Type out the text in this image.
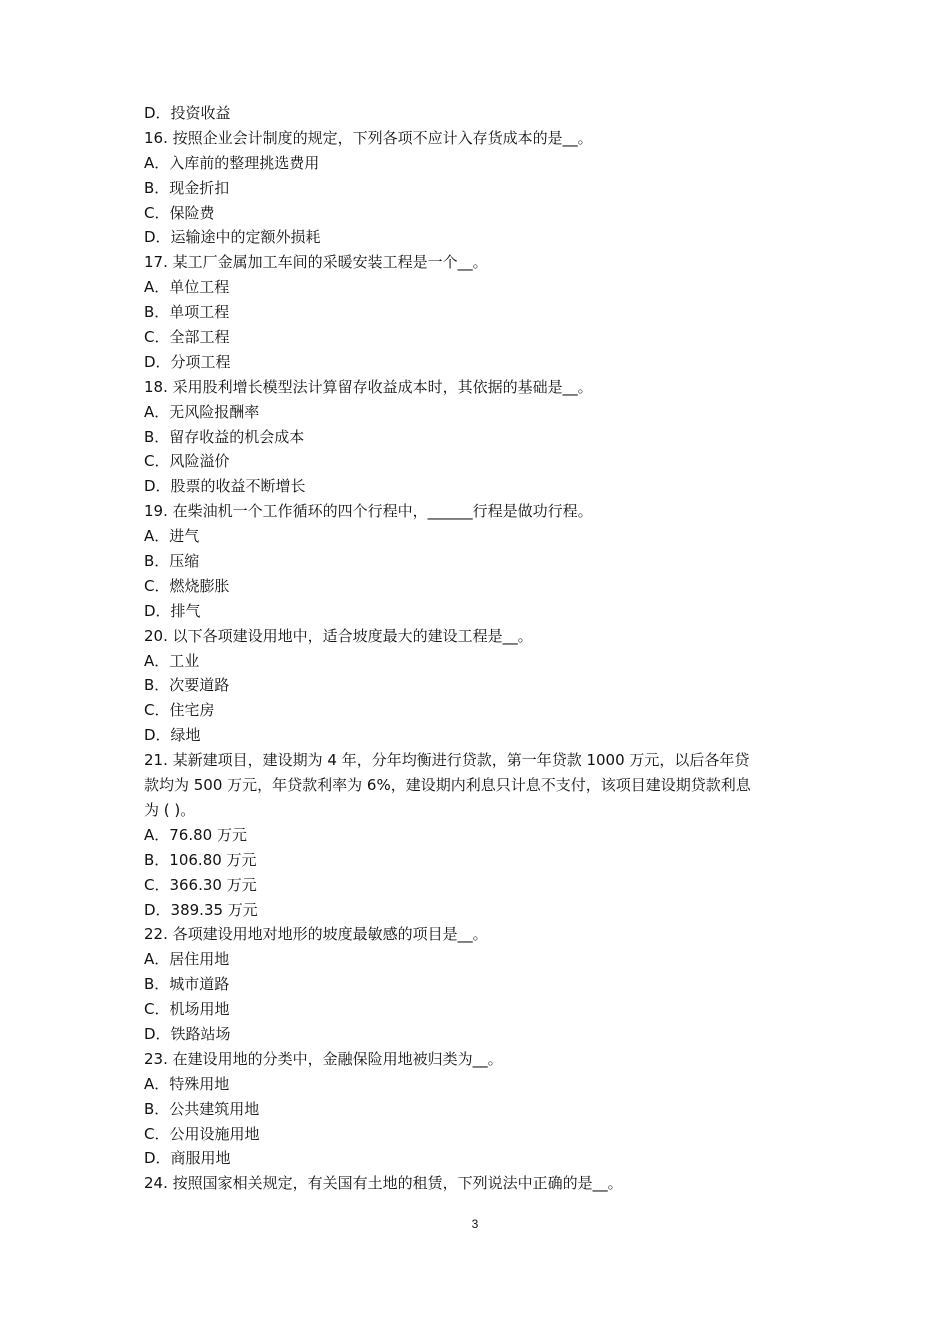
D．投资收益
16. 按照企业会计制度的规定，下列各项不应计入存货成本的是__。
A．入库前的整理挑选费用
B．现金折扣
C．保险费
D．运输途中的定额外损耗
17. 某工厂金属加工车间的采暖安装工程是一个__。
A．单位工程
B．单项工程
C．全部工程
D．分项工程
18. 采用股利增长模型法计算留存收益成本时，其依据的基础是__。
A．无风险报酬率
B．留存收益的机会成本
C．风险溢价
D．股票的收益不断增长
19. 在柴油机一个工作循环的四个行程中，______行程是做功行程。
A．进气
B．压缩
C．燃烧膨胀
D．排气
20. 以下各项建设用地中，适合坡度最大的建设工程是__。
A．工业
B．次要道路
C．住宅房
D．绿地
21. 某新建项目，建设期为 4 年，分年均衡进行贷款，第一年贷款 1000 万元，以后各年贷
款均为 500 万元，年贷款利率为 6%，建设期内利息只计息不支付，该项目建设期贷款利息
为 ( )。
A．76.80 万元
B．106.80 万元
C．366.30 万元
D．389.35 万元
22. 各项建设用地对地形的坡度最敏感的项目是__。
A．居住用地
B．城市道路
C．机场用地
D．铁路站场
23. 在建设用地的分类中，金融保险用地被归类为__。
A．特殊用地
B．公共建筑用地
C．公用设施用地
D．商服用地
24. 按照国家相关规定，有关国有土地的租赁，下列说法中正确的是__。
3
